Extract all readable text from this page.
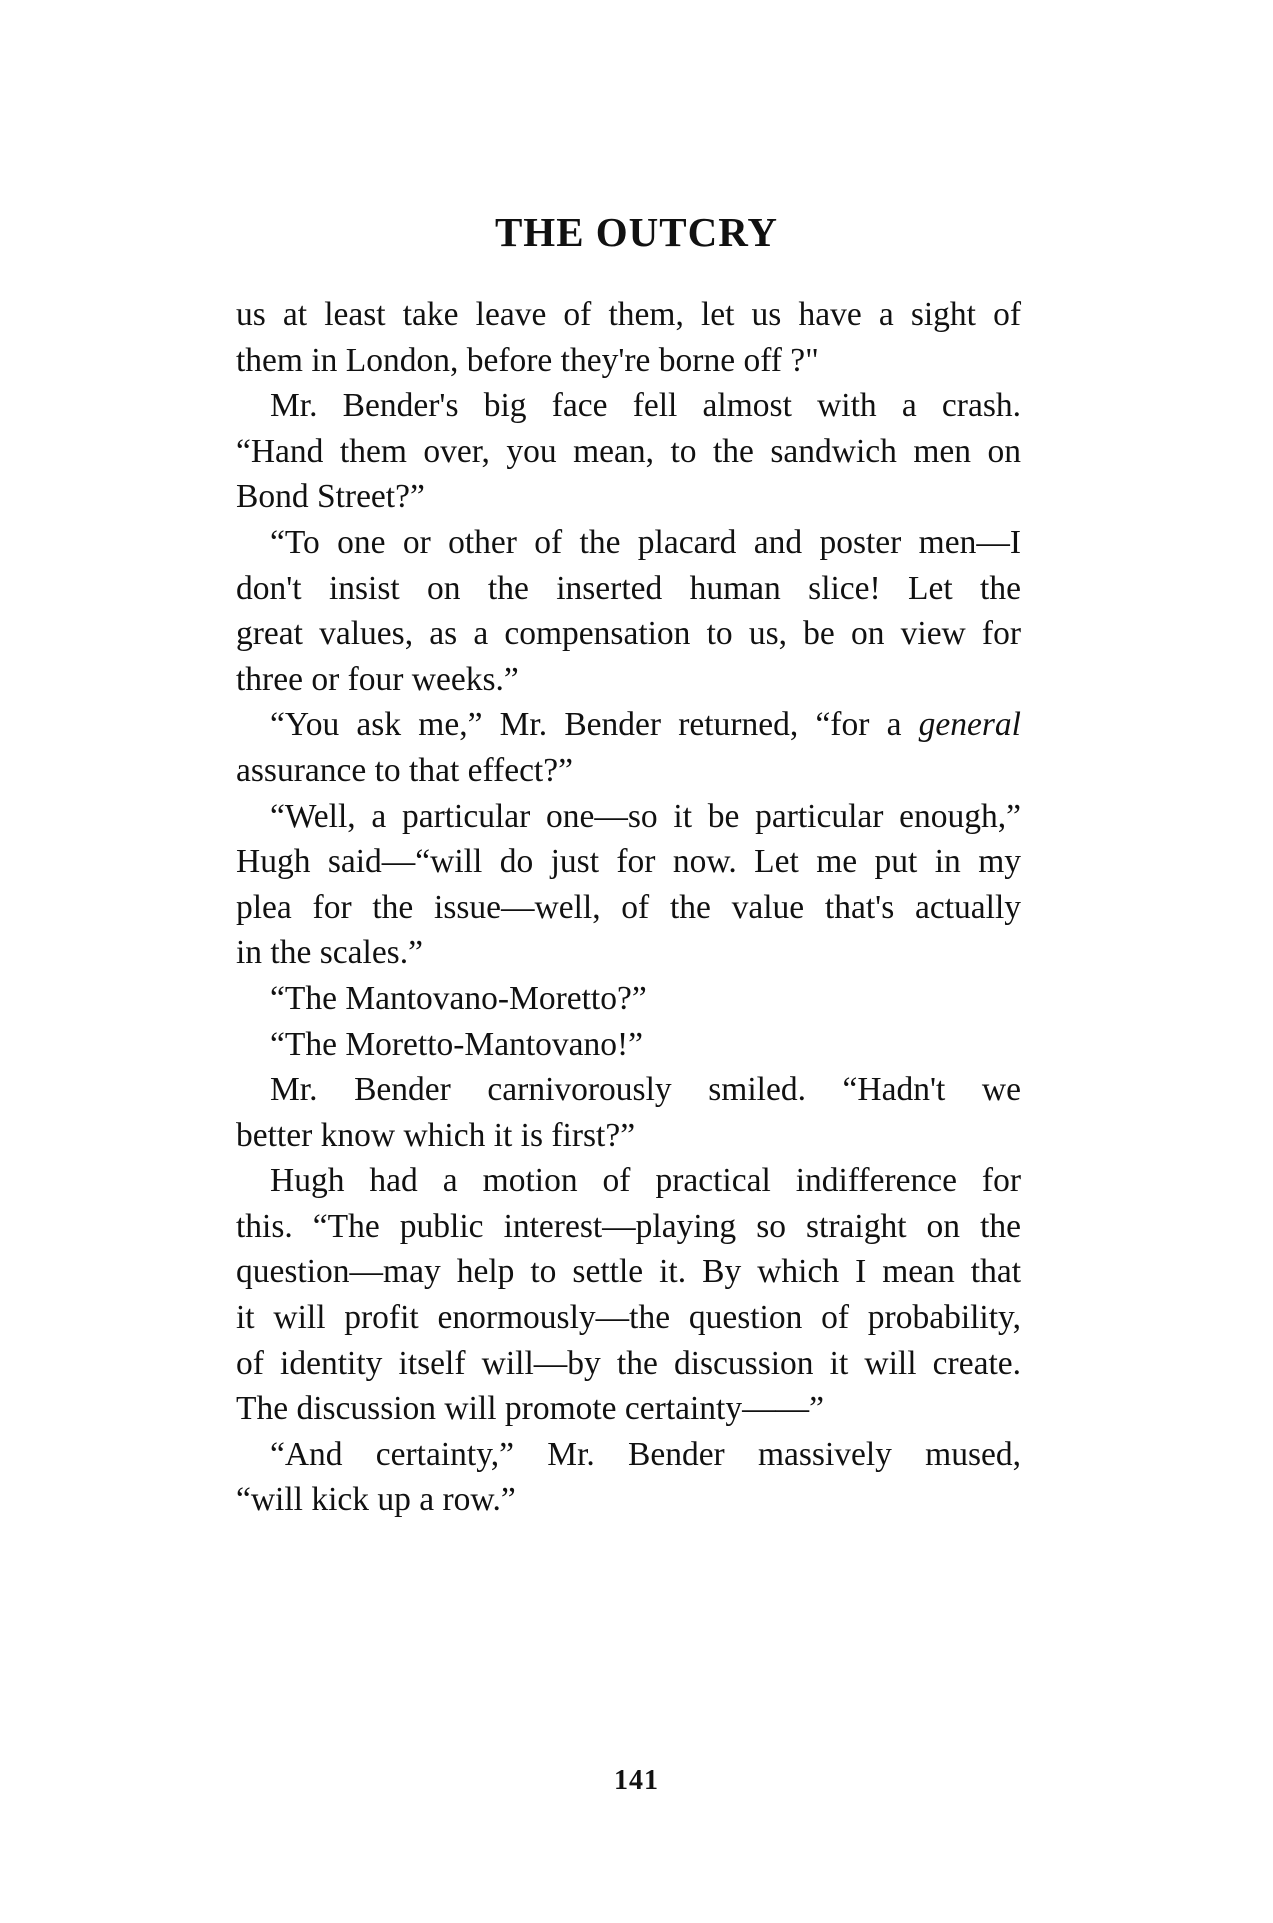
THE OUTCRY
us at least take leave of them, let us have a sight of
them in London, before they're borne off ?"
Mr. Bender's big face fell almost with a crash.
“Hand them over, you mean, to the sandwich men on
Bond Street?”
“To one or other of the placard and poster men—I
don't insist on the inserted human slice! Let the
great values, as a compensation to us, be on view for
three or four weeks.”
“You ask me,” Mr. Bender returned, “for a general
assurance to that effect?”
“Well, a particular one—so it be particular enough,”
Hugh said—“will do just for now. Let me put in my
plea for the issue—well, of the value that's actually
in the scales.”
“The Mantovano-Moretto?”
“The Moretto-Mantovano!”
Mr. Bender carnivorously smiled. “Hadn't we
better know which it is first?”
Hugh had a motion of practical indifference for
this. “The public interest—playing so straight on the
question—may help to settle it. By which I mean that
it will profit enormously—the question of probability,
of identity itself will—by the discussion it will create.
The discussion will promote certainty——”
“And certainty,” Mr. Bender massively mused,
“will kick up a row.”
141
